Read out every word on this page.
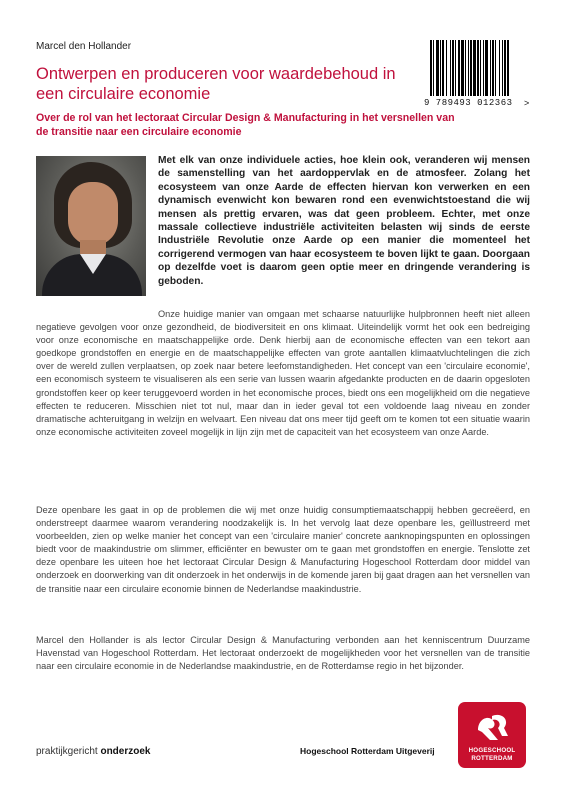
Marcel den Hollander
Ontwerpen en produceren voor waardebehoud in een circulaire economie

Over de rol van het lectoraat Circular Design & Manufacturing in het versnellen van de transitie naar een circulaire economie

9 789493 012363 >

Met elk van onze individuele acties, hoe klein ook, veranderen wij mensen de samenstelling van het aardoppervlak en de atmosfeer. Zolang het ecosysteem van onze Aarde de effecten hiervan kon verwerken en een dynamisch evenwicht kon bewaren rond een evenwichtstoestand die wij mensen als prettig ervaren, was dat geen probleem. Echter, met onze massale collectieve industriële activiteiten belasten wij sinds de eerste Industriële Revolutie onze Aarde op een manier die momenteel het corrigerend vermogen van haar ecosysteem te boven lijkt te gaan. Doorgaan op dezelfde voet is daarom geen optie meer en dringende verandering is geboden.

Onze huidige manier van omgaan met schaarse natuurlijke hulpbronnen heeft niet alleen negatieve gevolgen voor onze gezondheid, de biodiversiteit en ons klimaat. Uiteindelijk vormt het ook een bedreiging voor onze economische en maatschappelijke orde. Denk hierbij aan de economische effecten van een tekort aan goedkope grondstoffen en energie en de maatschappelijke effecten van grote aantallen klimaatvluchtelingen die zich over de wereld zullen verplaatsen, op zoek naar betere leefomstandigheden. Het concept van een 'circulaire economie', een economisch systeem te visualiseren als een serie van lussen waarin afgedankte producten en de daarin opgesloten grondstoffen keer op keer teruggevoerd worden in het economische proces, biedt ons een mogelijkheid om die negatieve effecten te reduceren. Misschien niet tot nul, maar dan in ieder geval tot een voldoende laag niveau en zonder dramatische achteruitgang in welzijn en welvaart. Een niveau dat ons meer tijd geeft om te komen tot een situatie waarin onze economische activiteiten zoveel mogelijk in lijn zijn met de capaciteit van het ecosysteem van onze Aarde.

Deze openbare les gaat in op de problemen die wij met onze huidig consumptiemaatschappij hebben gecreëerd, en onderstreept daarmee waarom verandering noodzakelijk is. In het vervolg laat deze openbare les, geïllustreerd met voorbeelden, zien op welke manier het concept van een 'circulaire manier' concrete aanknopingspunten en oplossingen biedt voor de maakindustrie om slimmer, efficiënter en bewuster om te gaan met grondstoffen en energie. Tenslotte zet deze openbare les uiteen hoe het lectoraat Circular Design & Manufacturing Hogeschool Rotterdam door middel van onderzoek en doorwerking van dit onderzoek in het onderwijs in de komende jaren bij gaat dragen aan het versnellen van de transitie naar een circulaire economie binnen de Nederlandse maakindustrie.

Marcel den Hollander is als lector Circular Design & Manufacturing verbonden aan het kenniscentrum Duurzame Havenstad van Hogeschool Rotterdam. Het lectoraat onderzoekt de mogelijkheden voor het versnellen van de transitie naar een circulaire economie in de Nederlandse maakindustrie, en de Rotterdamse regio in het bijzonder.

praktijkgericht onderzoek	Hogeschool Rotterdam Uitgeverij	HOGESCHOOL
ROTTERDAM
